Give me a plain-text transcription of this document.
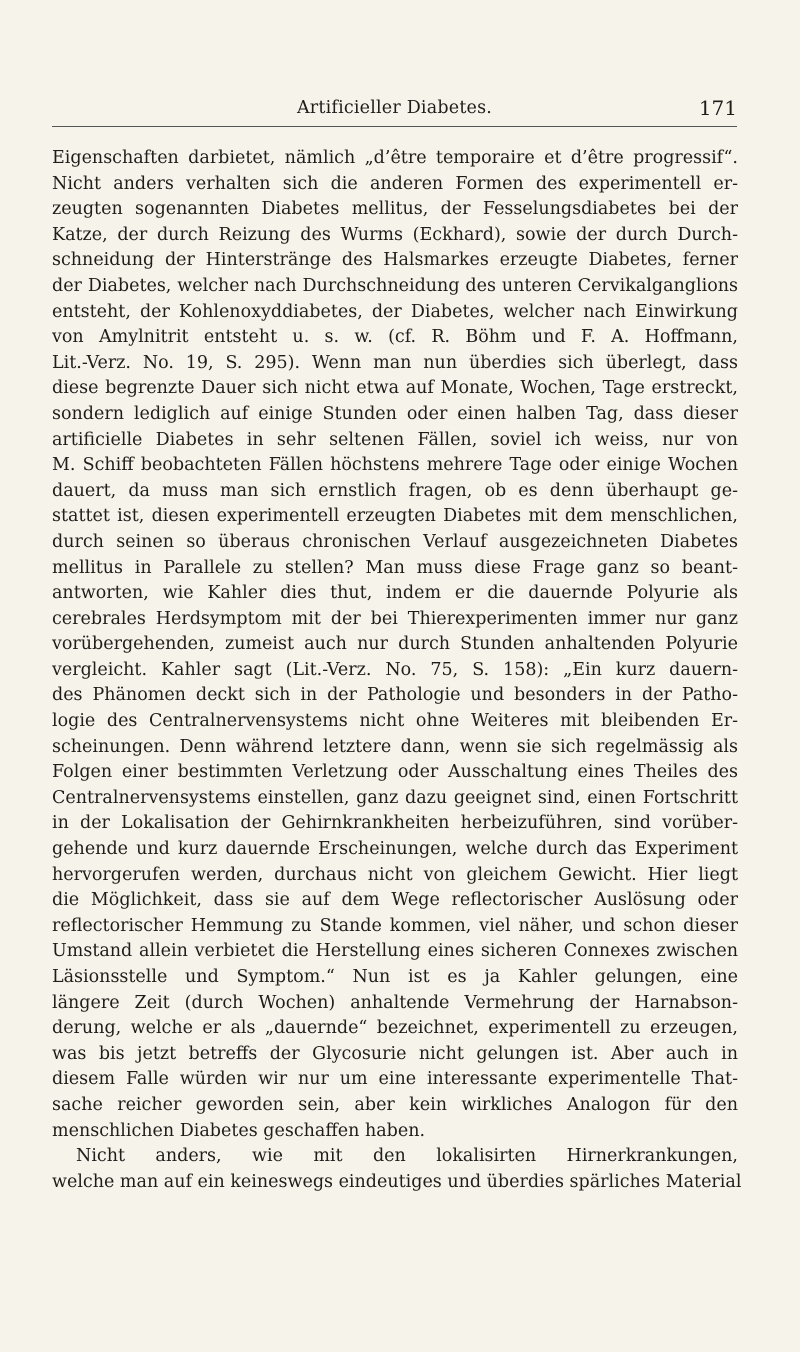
Artificieller Diabetes.	171
Eigenschaften darbietet, nämlich „d’être temporaire et d’être progressif“.
Nicht anders verhalten sich die anderen Formen des experimentell er-
zeugten sogenannten Diabetes mellitus, der Fesselungsdiabetes bei der
Katze, der durch Reizung des Wurms (Eckhard), sowie der durch Durch-
schneidung der Hinterstränge des Halsmarkes erzeugte Diabetes, ferner
der Diabetes, welcher nach Durchschneidung des unteren Cervikalganglions
entsteht, der Kohlenoxyddiabetes, der Diabetes, welcher nach Einwirkung
von Amylnitrit entsteht u. s. w. (cf. R. Böhm und F. A. Hoffmann,
Lit.-Verz. No. 19, S. 295). Wenn man nun überdies sich überlegt, dass
diese begrenzte Dauer sich nicht etwa auf Monate, Wochen, Tage erstreckt,
sondern lediglich auf einige Stunden oder einen halben Tag, dass dieser
artificielle Diabetes in sehr seltenen Fällen, soviel ich weiss, nur von
M. Schiff beobachteten Fällen höchstens mehrere Tage oder einige Wochen
dauert, da muss man sich ernstlich fragen, ob es denn überhaupt ge-
stattet ist, diesen experimentell erzeugten Diabetes mit dem menschlichen,
durch seinen so überaus chronischen Verlauf ausgezeichneten Diabetes
mellitus in Parallele zu stellen? Man muss diese Frage ganz so beant-
antworten, wie Kahler dies thut, indem er die dauernde Polyurie als
cerebrales Herdsymptom mit der bei Thierexperimenten immer nur ganz
vorübergehenden, zumeist auch nur durch Stunden anhaltenden Polyurie
vergleicht. Kahler sagt (Lit.-Verz. No. 75, S. 158): „Ein kurz dauern-
des Phänomen deckt sich in der Pathologie und besonders in der Patho-
logie des Centralnervensystems nicht ohne Weiteres mit bleibenden Er-
scheinungen. Denn während letztere dann, wenn sie sich regelmässig als
Folgen einer bestimmten Verletzung oder Ausschaltung eines Theiles des
Centralnervensystems einstellen, ganz dazu geeignet sind, einen Fortschritt
in der Lokalisation der Gehirnkrankheiten herbeizuführen, sind vorüber-
gehende und kurz dauernde Erscheinungen, welche durch das Experiment
hervorgerufen werden, durchaus nicht von gleichem Gewicht. Hier liegt
die Möglichkeit, dass sie auf dem Wege reflectorischer Auslösung oder
reflectorischer Hemmung zu Stande kommen, viel näher, und schon dieser
Umstand allein verbietet die Herstellung eines sicheren Connexes zwischen
Läsionsstelle und Symptom.“ Nun ist es ja Kahler gelungen, eine
längere Zeit (durch Wochen) anhaltende Vermehrung der Harnabson-
derung, welche er als „dauernde“ bezeichnet, experimentell zu erzeugen,
was bis jetzt betreffs der Glycosurie nicht gelungen ist. Aber auch in
diesem Falle würden wir nur um eine interessante experimentelle That-
sache reicher geworden sein, aber kein wirkliches Analogon für den
menschlichen Diabetes geschaffen haben.
Nicht anders, wie mit den lokalisirten Hirnerkrankungen,
welche man auf ein keineswegs eindeutiges und überdies spärliches Material
